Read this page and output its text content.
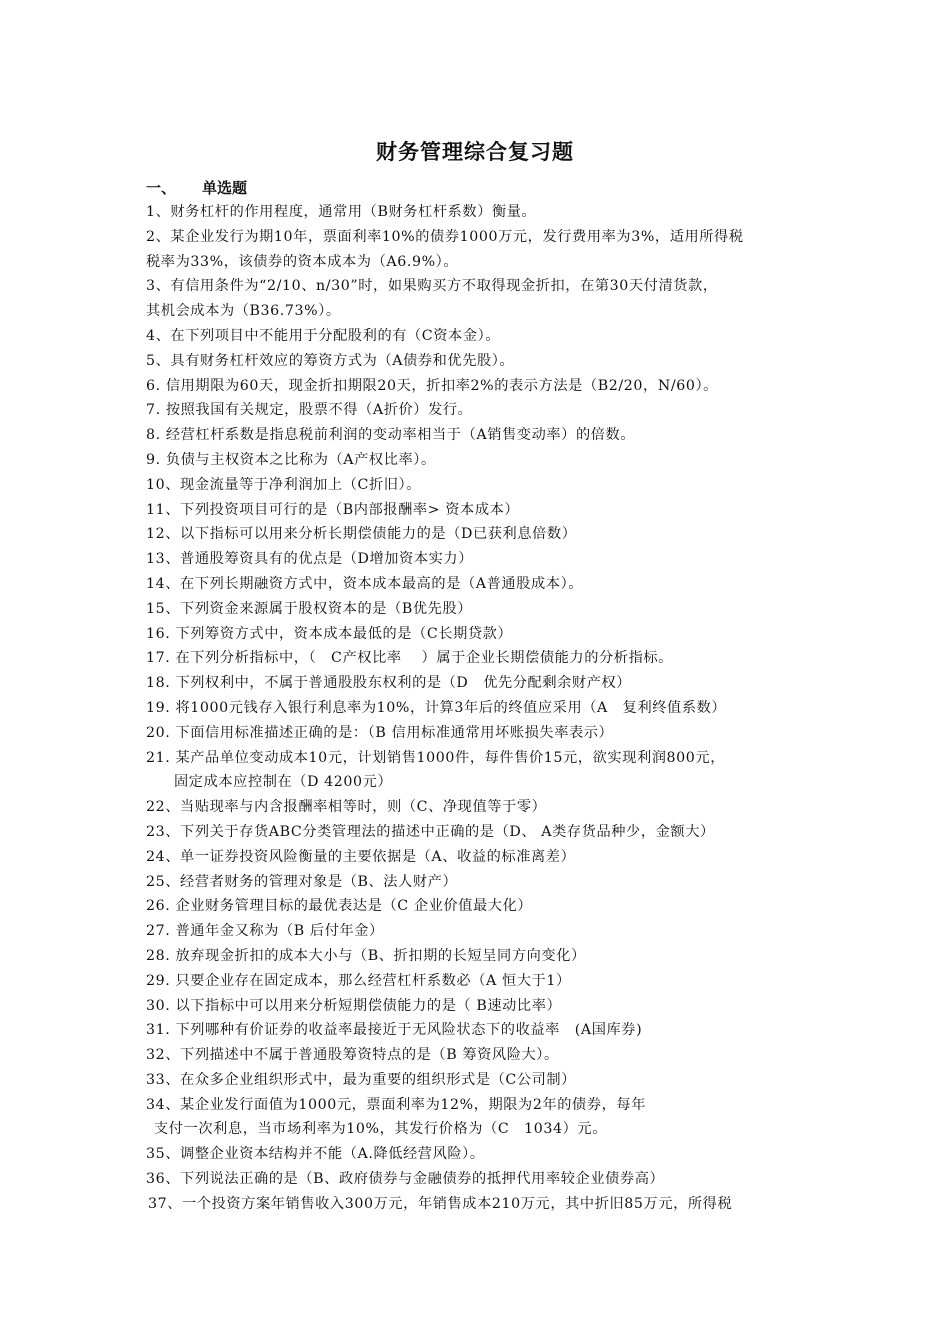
财务管理综合复习题
一、 单选题
1、财务杠杆的作用程度，通常用（B财务杠杆系数）衡量。
2、某企业发行为期10年，票面利率10%的债券1000万元，发行费用率为3%，适用所得税
税率为33%，该债券的资本成本为（A6.9%）。
3、有信用条件为“2/10、n/30”时，如果购买方不取得现金折扣，在第30天付清货款，
其机会成本为（B36.73%）。
4、在下列项目中不能用于分配股利的有（C资本金）。
5、具有财务杠杆效应的筹资方式为（A债券和优先股）。
6. 信用期限为60天，现金折扣期限20天，折扣率2%的表示方法是（B2/20，N/60）。
7. 按照我国有关规定，股票不得（A折价）发行。
8. 经营杠杆系数是指息税前利润的变动率相当于（A销售变动率）的倍数。
9. 负债与主权资本之比称为（A产权比率）。
10、现金流量等于净利润加上（C折旧）。
11、下列投资项目可行的是（B内部报酬率> 资本成本）
12、以下指标可以用来分析长期偿债能力的是（D已获利息倍数）
13、普通股筹资具有的优点是（D增加资本实力）
14、在下列长期融资方式中，资本成本最高的是（A普通股成本）。
15、下列资金来源属于股权资本的是（B优先股）
16. 下列筹资方式中，资本成本最低的是（C长期贷款）
17. 在下列分析指标中，（　C产权比率　 ）属于企业长期偿债能力的分析指标。
18. 下列权利中，不属于普通股股东权利的是（D　优先分配剩余财产权）
19. 将1000元钱存入银行利息率为10%，计算3年后的终值应采用（A　复利终值系数）
20. 下面信用标准描述正确的是：（B 信用标准通常用坏账损失率表示）
21. 某产品单位变动成本10元，计划销售1000件，每件售价15元，欲实现利润800元，
固定成本应控制在（D 4200元）
22、当贴现率与内含报酬率相等时，则（C、净现值等于零）
23、下列关于存货ABC分类管理法的描述中正确的是（D、 A类存货品种少，金额大）
24、单一证券投资风险衡量的主要依据是（A、收益的标准离差）
25、经营者财务的管理对象是（B、法人财产）
26. 企业财务管理目标的最优表达是（C 企业价值最大化）
27. 普通年金又称为（B 后付年金）
28. 放弃现金折扣的成本大小与（B、折扣期的长短呈同方向变化）
29. 只要企业存在固定成本，那么经营杠杆系数必（A 恒大于1）
30. 以下指标中可以用来分析短期偿债能力的是（ B速动比率）
31. 下列哪种有价证券的收益率最接近于无风险状态下的收益率　(A国库券)
32、下列描述中不属于普通股筹资特点的是（B 筹资风险大）。
33、在众多企业组织形式中，最为重要的组织形式是（C公司制）
34、某企业发行面值为1000元，票面利率为12%，期限为2年的债券，每年
支付一次利息，当市场利率为10%，其发行价格为（C　1034）元。
35、调整企业资本结构并不能（A.降低经营风险）。
36、下列说法正确的是（B、政府债券与金融债券的抵押代用率较企业债券高）
37、一个投资方案年销售收入300万元，年销售成本210万元，其中折旧85万元，所得税
